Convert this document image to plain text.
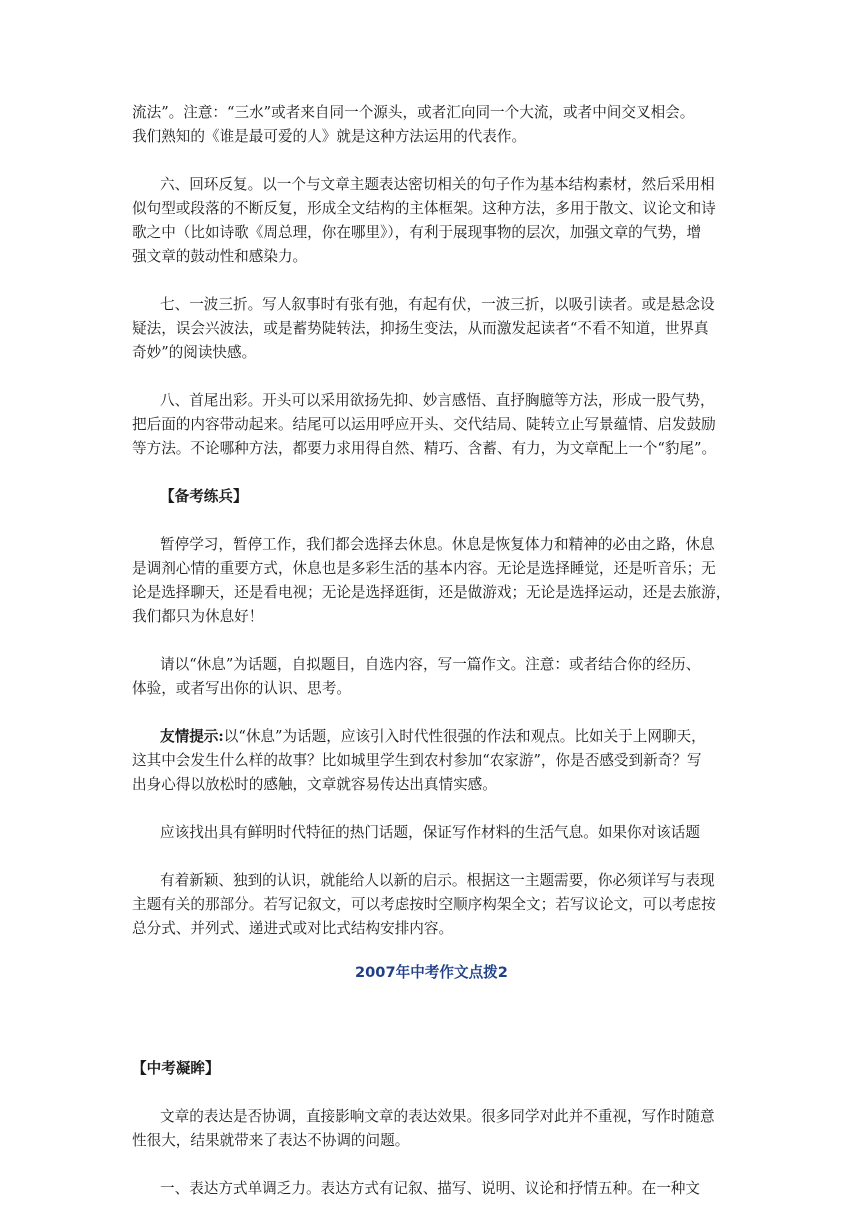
流法”。注意：“三水”或者来自同一个源头，或者汇向同一个大流，或者中间交叉相会。
我们熟知的《谁是最可爱的人》就是这种方法运用的代表作。
六、回环反复。以一个与文章主题表达密切相关的句子作为基本结构素材，然后采用相
似句型或段落的不断反复，形成全文结构的主体框架。这种方法，多用于散文、议论文和诗
歌之中（比如诗歌《周总理，你在哪里》），有利于展现事物的层次，加强文章的气势，增
强文章的鼓动性和感染力。
七、一波三折。写人叙事时有张有弛，有起有伏，一波三折，以吸引读者。或是悬念设
疑法，误会兴波法，或是蓄势陡转法，抑扬生变法，从而激发起读者“不看不知道，世界真
奇妙”的阅读快感。
八、首尾出彩。开头可以采用欲扬先抑、妙言感悟、直抒胸臆等方法，形成一股气势，
把后面的内容带动起来。结尾可以运用呼应开头、交代结局、陡转立止写景蕴情、启发鼓励
等方法。不论哪种方法，都要力求用得自然、精巧、含蓄、有力，为文章配上一个“豹尾”。
【备考练兵】
暂停学习，暂停工作，我们都会选择去休息。休息是恢复体力和精神的必由之路，休息
是调剂心情的重要方式，休息也是多彩生活的基本内容。无论是选择睡觉，还是听音乐；无
论是选择聊天，还是看电视；无论是选择逛街，还是做游戏；无论是选择运动，还是去旅游，
我们都只为休息好！
请以“休息”为话题，自拟题目，自选内容，写一篇作文。注意：或者结合你的经历、
体验，或者写出你的认识、思考。
友情提示:以“休息”为话题，应该引入时代性很强的作法和观点。比如关于上网聊天，
这其中会发生什么样的故事？比如城里学生到农村参加“农家游”，你是否感受到新奇？写
出身心得以放松时的感触，文章就容易传达出真情实感。
应该找出具有鲜明时代特征的热门话题，保证写作材料的生活气息。如果你对该话题
有着新颖、独到的认识，就能给人以新的启示。根据这一主题需要，你必须详写与表现
主题有关的那部分。若写记叙文，可以考虑按时空顺序构架全文；若写议论文，可以考虑按
总分式、并列式、递进式或对比式结构安排内容。
2007年中考作文点拨2
【中考凝眸】
文章的表达是否协调，直接影响文章的表达效果。很多同学对此并不重视，写作时随意
性很大，结果就带来了表达不协调的问题。
一、表达方式单调乏力。表达方式有记叙、描写、说明、议论和抒情五种。在一种文
